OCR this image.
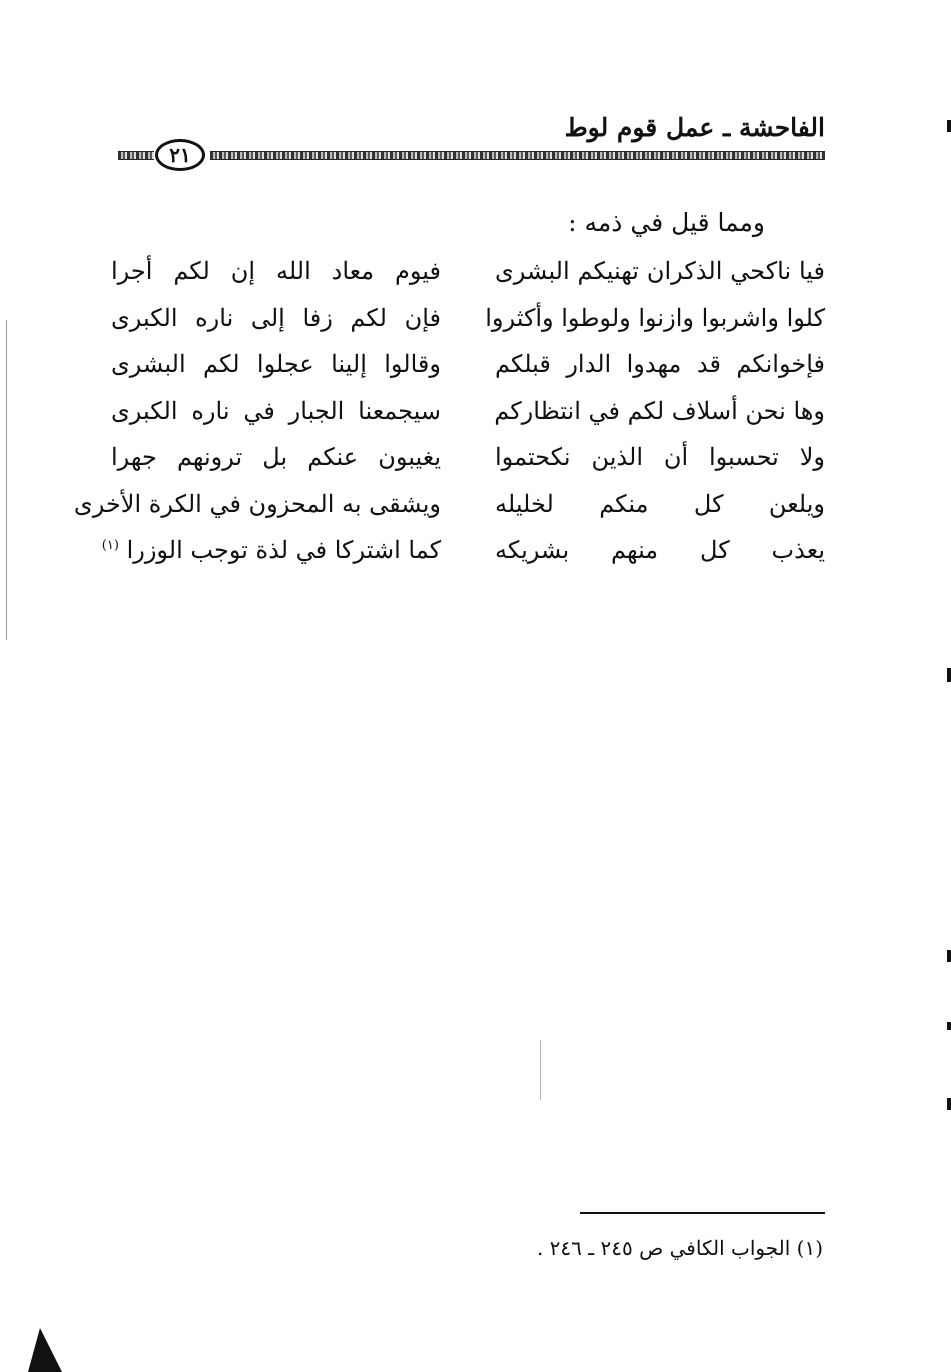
الفاحشة ـ عمل قوم لوط
٢١
ومما قيل في ذمه :
فيا ناكحي الذكران تهنيكم البشرى
كلوا واشربوا وازنوا ولوطوا وأكثروا
فإخوانكم قد مهدوا الدار قبلكم
وها نحن أسلاف لكم في انتظاركم
ولا تحسبوا أن الذين نكحتموا
ويلعن كل منكم لخليله
يعذب كل منهم بشريكه
فيوم معاد الله إن لكم أجرا
فإن لكم زفا إلى ناره الكبرى
وقالوا إلينا عجلوا لكم البشرى
سيجمعنا الجبار في ناره الكبرى
يغيبون عنكم بل ترونهم جهرا
ويشقى به المحزون في الكرة الأخرى
كما اشتركا في لذة توجب الوزرا $^{(١)}$
(١) الجواب الكافي ص ٢٤٥ ـ ٢٤٦ .
